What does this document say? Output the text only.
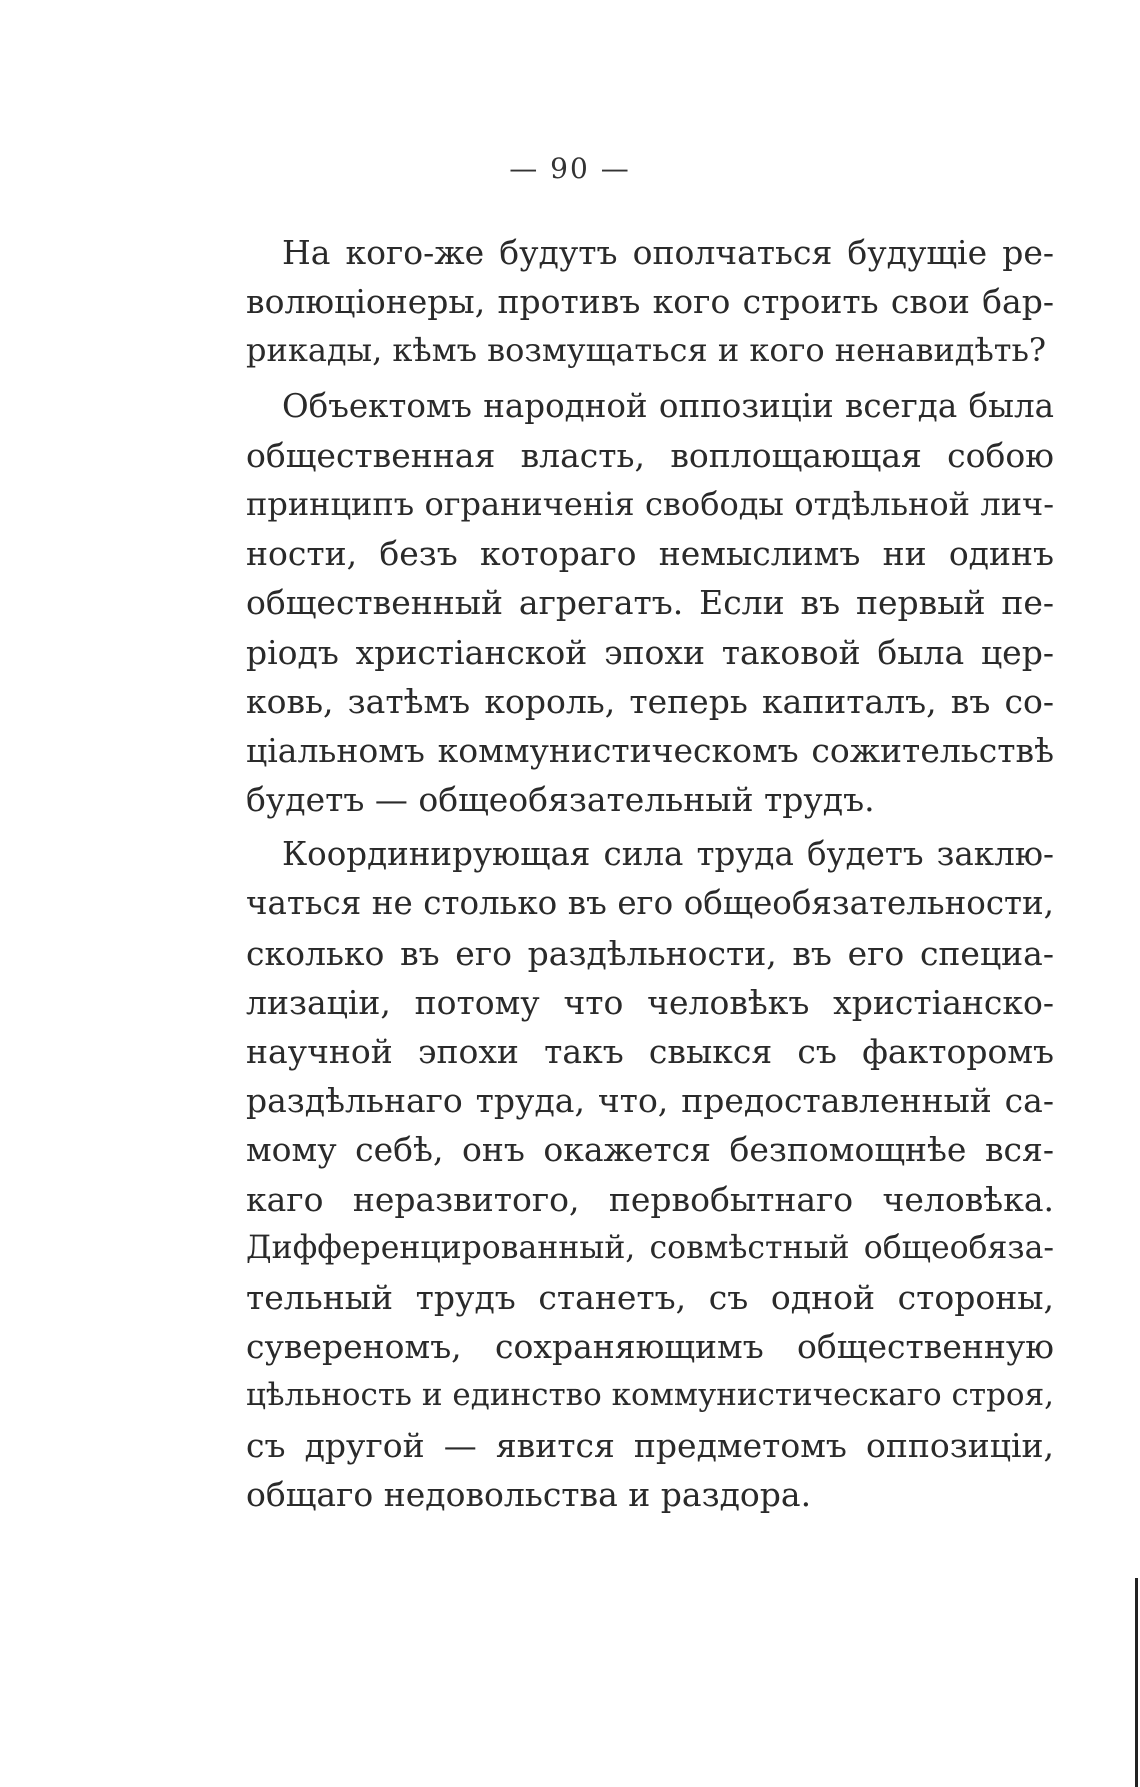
— 90 —
На кого-же будутъ ополчаться будущіе ре-
волюціонеры, противъ кого строить свои бар-
рикады, кѣмъ возмущаться и кого ненавидѣть?
Объектомъ народной оппозиціи всегда была
общественная власть, воплощающая собою
принципъ ограниченія свободы отдѣльной лич-
ности, безъ котораго немыслимъ ни одинъ
общественный агрегатъ. Если въ первый пе-
ріодъ христіанской эпохи таковой была цер-
ковь, затѣмъ король, теперь капиталъ, въ со-
ціальномъ коммунистическомъ сожительствѣ
будетъ — общеобязательный трудъ.
Координирующая сила труда будетъ заклю-
чаться не столько въ его общеобязательности,
сколько въ его раздѣльности, въ его специа-
лизаціи, потому что человѣкъ христіанско-
научной эпохи такъ свыкся съ факторомъ
раздѣльнаго труда, что, предоставленный са-
мому себѣ, онъ окажется безпомощнѣе вся-
каго неразвитого, первобытнаго человѣка.
Дифференцированный, совмѣстный общеобяза-
тельный трудъ станетъ, съ одной стороны,
сувереномъ, сохраняющимъ общественную
цѣльность и единство коммунистическаго строя,
съ другой — явится предметомъ оппозиціи,
общаго недовольства и раздора.
